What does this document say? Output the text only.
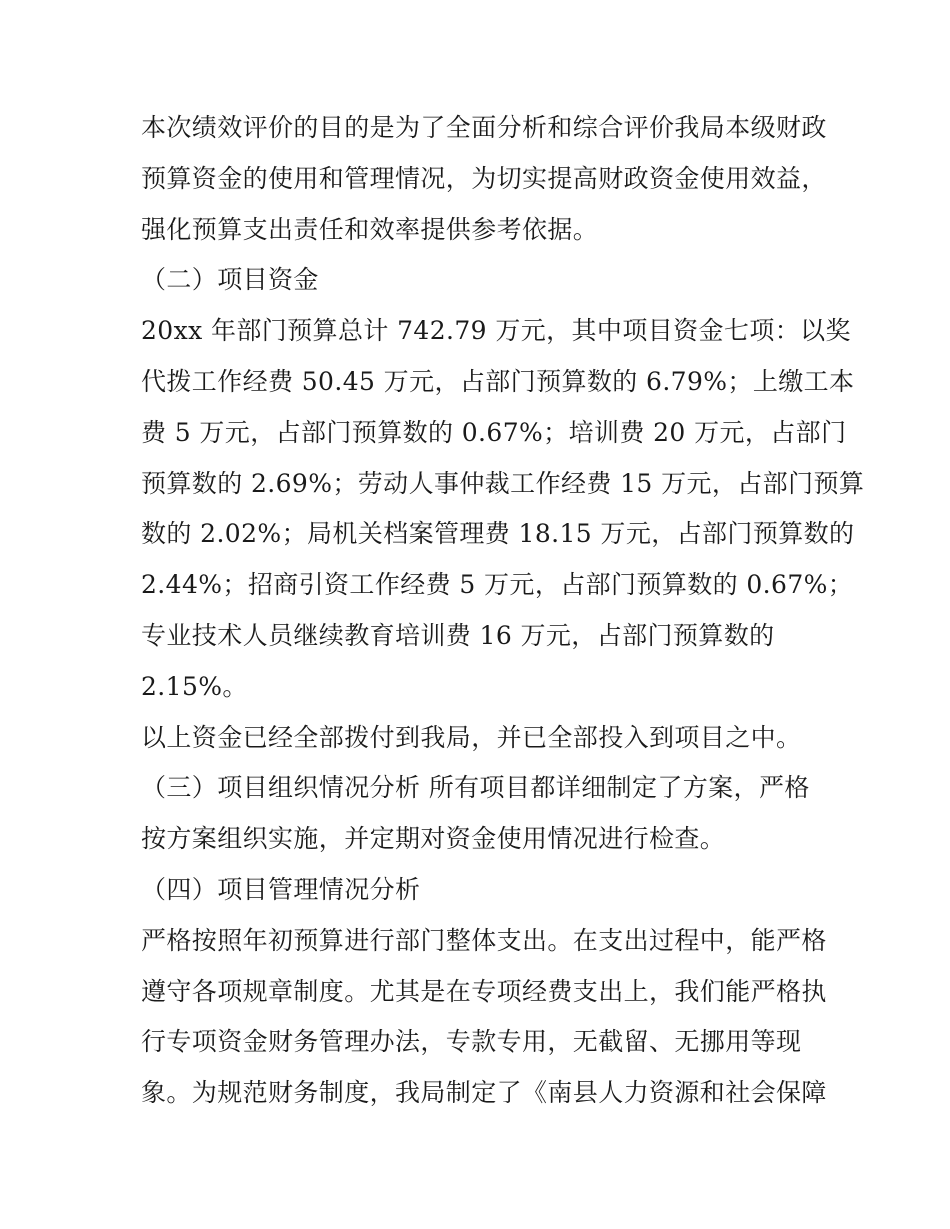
本次绩效评价的目的是为了全面分析和综合评价我局本级财政
预算资金的使用和管理情况，为切实提高财政资金使用效益，
强化预算支出责任和效率提供参考依据。
（二）项目资金
20xx 年部门预算总计 742.79 万元，其中项目资金七项：以奖
代拨工作经费 50.45 万元，占部门预算数的 6.79%；上缴工本
费 5 万元，占部门预算数的 0.67%；培训费 20 万元，占部门
预算数的 2.69%；劳动人事仲裁工作经费 15 万元，占部门预算
数的 2.02%；局机关档案管理费 18.15 万元，占部门预算数的
2.44%；招商引资工作经费 5 万元，占部门预算数的 0.67%；
专业技术人员继续教育培训费 16 万元，占部门预算数的
2.15%。
以上资金已经全部拨付到我局，并已全部投入到项目之中。
（三）项目组织情况分析 所有项目都详细制定了方案，严格
按方案组织实施，并定期对资金使用情况进行检查。
（四）项目管理情况分析
严格按照年初预算进行部门整体支出。在支出过程中，能严格
遵守各项规章制度。尤其是在专项经费支出上，我们能严格执
行专项资金财务管理办法，专款专用，无截留、无挪用等现
象。为规范财务制度，我局制定了《南县人力资源和社会保障
